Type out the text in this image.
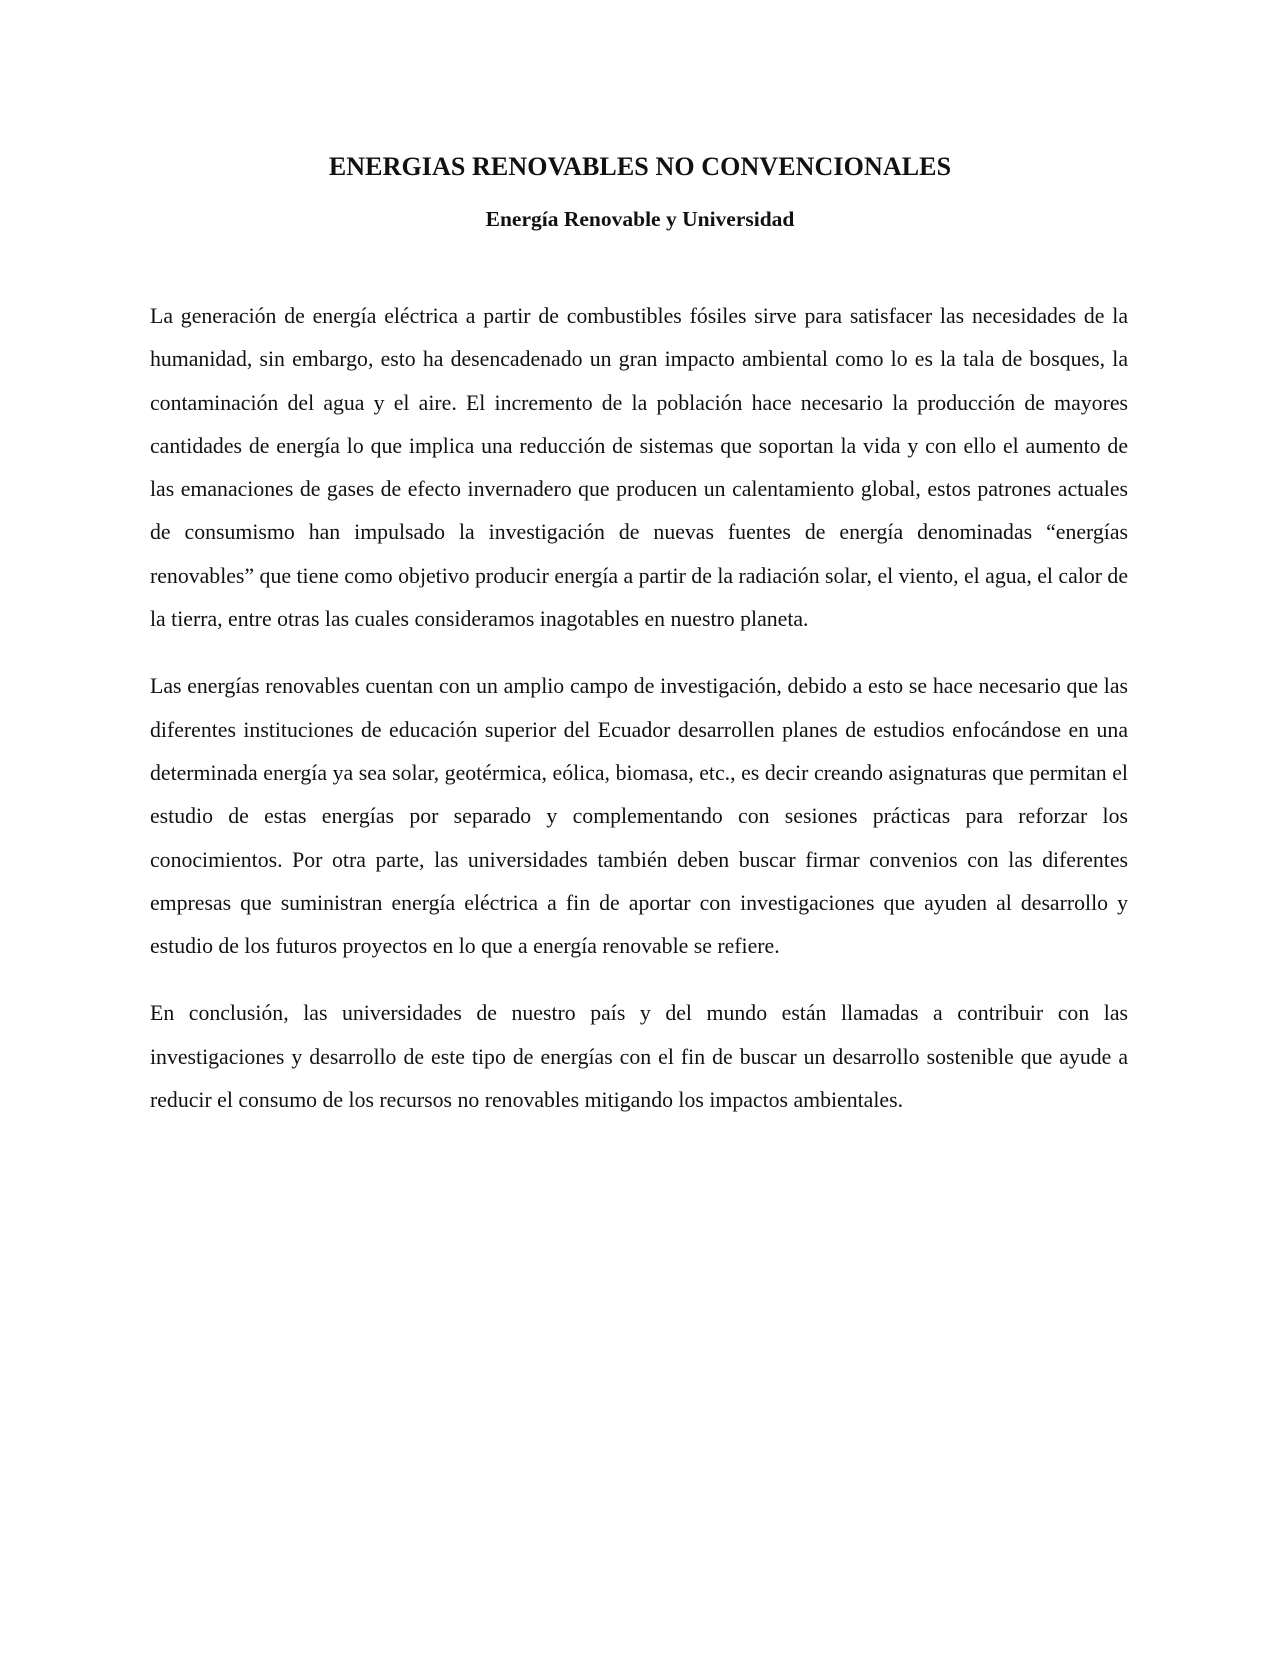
ENERGIAS RENOVABLES NO CONVENCIONALES
Energía Renovable y Universidad

La generación de energía eléctrica a partir de combustibles fósiles sirve para satisfacer las necesidades de la humanidad, sin embargo, esto ha desencadenado un gran impacto ambiental como lo es la tala de bosques, la contaminación del agua y el aire. El incremento de la población hace necesario la producción de mayores cantidades de energía lo que implica una reducción de sistemas que soportan la vida y con ello el aumento de las emanaciones de gases de efecto invernadero que producen un calentamiento global, estos patrones actuales de consumismo han impulsado la investigación de nuevas fuentes de energía denominadas “energías renovables” que tiene como objetivo producir energía a partir de la radiación solar, el viento, el agua, el calor de la tierra, entre otras las cuales consideramos inagotables en nuestro planeta.

Las energías renovables cuentan con un amplio campo de investigación, debido a esto se hace necesario que las diferentes instituciones de educación superior del Ecuador desarrollen planes de estudios enfocándose en una determinada energía ya sea solar, geotérmica, eólica, biomasa, etc., es decir creando asignaturas que permitan el estudio de estas energías por separado y complementando con sesiones prácticas para reforzar los conocimientos. Por otra parte, las universidades también deben buscar firmar convenios con las diferentes empresas que suministran energía eléctrica a fin de aportar con investigaciones que ayuden al desarrollo y estudio de los futuros proyectos en lo que a energía renovable se refiere.

En conclusión, las universidades de nuestro país y del mundo están llamadas a contribuir con las investigaciones y desarrollo de este tipo de energías con el fin de buscar un desarrollo sostenible que ayude a reducir el consumo de los recursos no renovables mitigando los impactos ambientales.
